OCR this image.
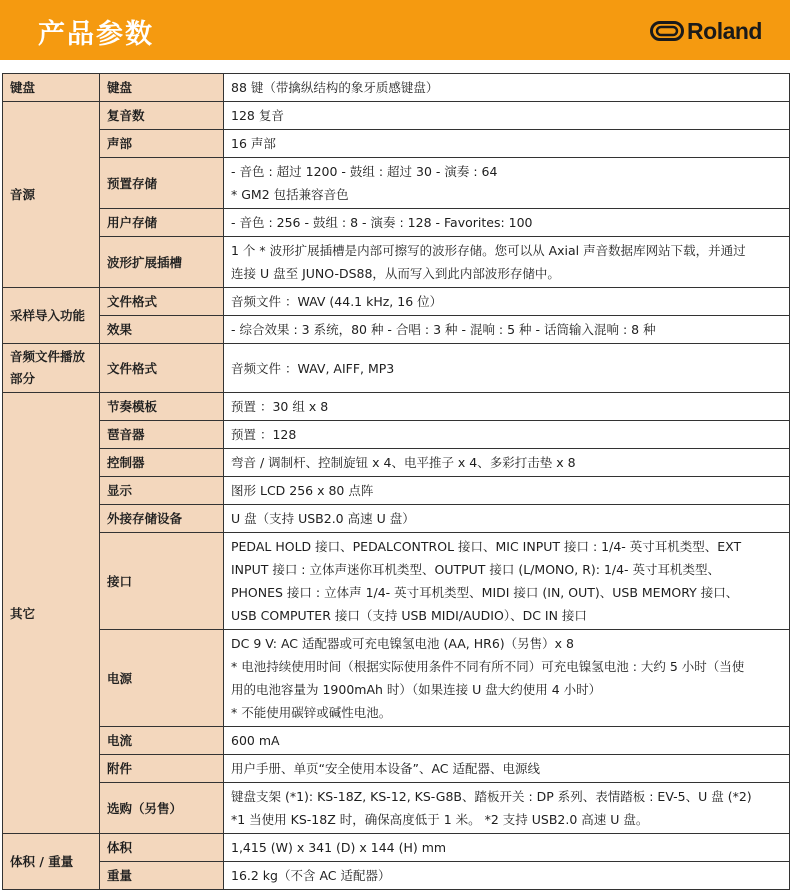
产品参数	Roland
键盘	键盘	88 键（带擒纵结构的象牙质感键盘）

音源	复音数	128 复音

	声部	16 声部

	预置存储	- 音色 : 超过 1200 - 鼓组 : 超过 30 - 演奏 : 64
* GM2 包括兼容音色

	用户存储	- 音色 : 256 - 鼓组 : 8 - 演奏 : 128 - Favorites: 100

	波形扩展插槽	1 个 * 波形扩展插槽是内部可擦写的波形存储。您可以从 Axial 声音数据库网站下载，并通过
连接 U 盘至 JUNO-DS88，从而写入到此内部波形存储中。

采样导入功能	文件格式	音频文件 ：WAV (44.1 kHz, 16 位）

	效果	- 综合效果 : 3 系统，80 种 - 合唱 : 3 种 - 混响 : 5 种 - 话筒输入混响 : 8 种

音频文件播放部分	文件格式	音频文件 ：WAV, AIFF, MP3

其它	节奏模板	预置 ：30 组 x 8

	琶音器	预置 ：128

	控制器	弯音 / 调制杆、控制旋钮 x 4、电平推子 x 4、多彩打击垫 x 8

	显示	图形 LCD 256 x 80 点阵

	外接存储设备	U 盘（支持 USB2.0 高速 U 盘）

	接口	PEDAL HOLD 接口、PEDALCONTROL 接口、MIC INPUT 接口 : 1/4- 英寸耳机类型、EXT
INPUT 接口 : 立体声迷你耳机类型、OUTPUT 接口 (L/MONO, R): 1/4- 英寸耳机类型、
PHONES 接口 : 立体声 1/4- 英寸耳机类型、MIDI 接口 (IN, OUT)、USB MEMORY 接口、
USB COMPUTER 接口（支持 USB MIDI/AUDIO）、DC IN 接口

	电源	DC 9 V: AC 适配器或可充电镍氢电池 (AA, HR6)（另售）x 8
* 电池持续使用时间（根据实际使用条件不同有所不同）可充电镍氢电池 : 大约 5 小时（当使
用的电池容量为 1900mAh 时）（如果连接 U 盘大约使用 4 小时）
* 不能使用碳锌或碱性电池。

	电流	600 mA

	附件	用户手册、单页“安全使用本设备”、AC 适配器、电源线

	选购（另售）	键盘支架 (*1): KS-18Z, KS-12, KS-G8B、踏板开关 : DP 系列、表情踏板 : EV-5、U 盘 (*2)
*1 当使用 KS-18Z 时，确保高度低于 1 米。 *2 支持 USB2.0 高速 U 盘。

体积 / 重量	体积	1,415 (W) x 341 (D) x 144 (H) mm

	重量	16.2 kg（不含 AC 适配器）
